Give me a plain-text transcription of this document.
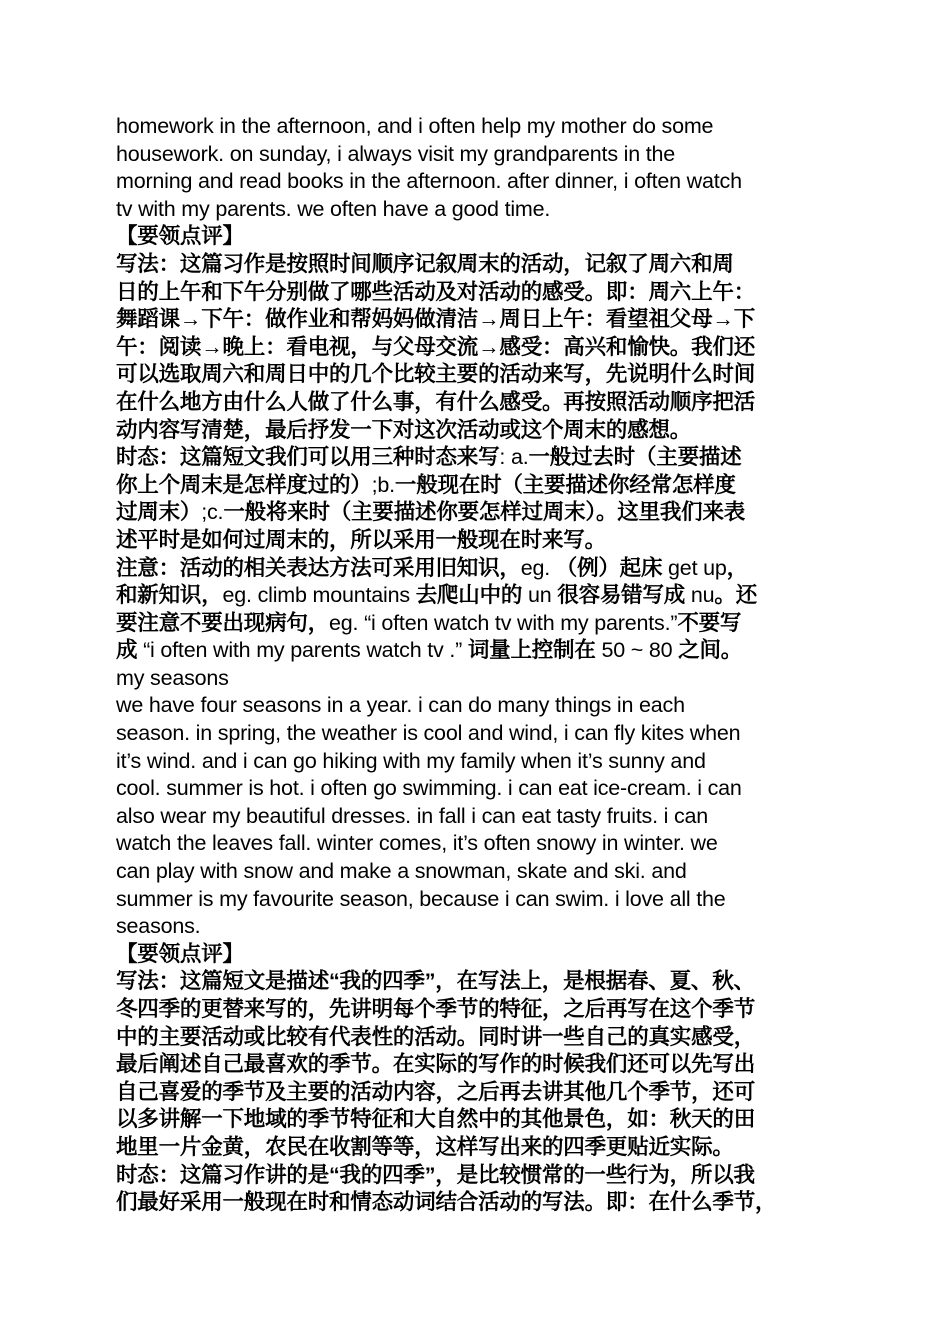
homework in the afternoon, and i often help my mother do some
housework. on sunday, i always visit my grandparents in the
morning and read books in the afternoon. after dinner, i often watch
tv with my parents. we often have a good time.
【要领点评】
写法：这篇习作是按照时间顺序记叙周末的活动，记叙了周六和周
日的上午和下午分别做了哪些活动及对活动的感受。即：周六上午：
舞蹈课→下午：做作业和帮妈妈做清洁→周日上午：看望祖父母→下
午：阅读→晚上：看电视，与父母交流→感受：高兴和愉快。我们还
可以选取周六和周日中的几个比较主要的活动来写，先说明什么时间
在什么地方由什么人做了什么事，有什么感受。再按照活动顺序把活
动内容写清楚，最后抒发一下对这次活动或这个周末的感想。
时态：这篇短文我们可以用三种时态来写: a.一般过去时（主要描述
你上个周末是怎样度过的）;b.一般现在时（主要描述你经常怎样度
过周末）;c.一般将来时（主要描述你要怎样过周末）。这里我们来表
述平时是如何过周末的，所以采用一般现在时来写。
注意：活动的相关表达方法可采用旧知识，eg. （例）起床 get up，
和新知识，eg. climb mountains 去爬山中的 un 很容易错写成 nu。还
要注意不要出现病句，eg. “i often watch tv with my parents.”不要写
成 “i often with my parents watch tv .” 词量上控制在 50 ~ 80 之间。
my seasons
we have four seasons in a year. i can do many things in each
season. in spring, the weather is cool and wind, i can fly kites when
it’s wind. and i can go hiking with my family when it’s sunny and
cool. summer is hot. i often go swimming. i can eat ice-cream. i can
also wear my beautiful dresses. in fall i can eat tasty fruits. i can
watch the leaves fall. winter comes, it’s often snowy in winter. we
can play with snow and make a snowman, skate and ski. and
summer is my favourite season, because i can swim. i love all the
seasons.
【要领点评】
写法：这篇短文是描述“我的四季”，在写法上，是根据春、夏、秋、
冬四季的更替来写的，先讲明每个季节的特征，之后再写在这个季节
中的主要活动或比较有代表性的活动。同时讲一些自己的真实感受，
最后阐述自己最喜欢的季节。在实际的写作的时候我们还可以先写出
自己喜爱的季节及主要的活动内容，之后再去讲其他几个季节，还可
以多讲解一下地域的季节特征和大自然中的其他景色，如：秋天的田
地里一片金黄，农民在收割等等，这样写出来的四季更贴近实际。
时态：这篇习作讲的是“我的四季”，是比较惯常的一些行为，所以我
们最好采用一般现在时和情态动词结合活动的写法。即：在什么季节，
